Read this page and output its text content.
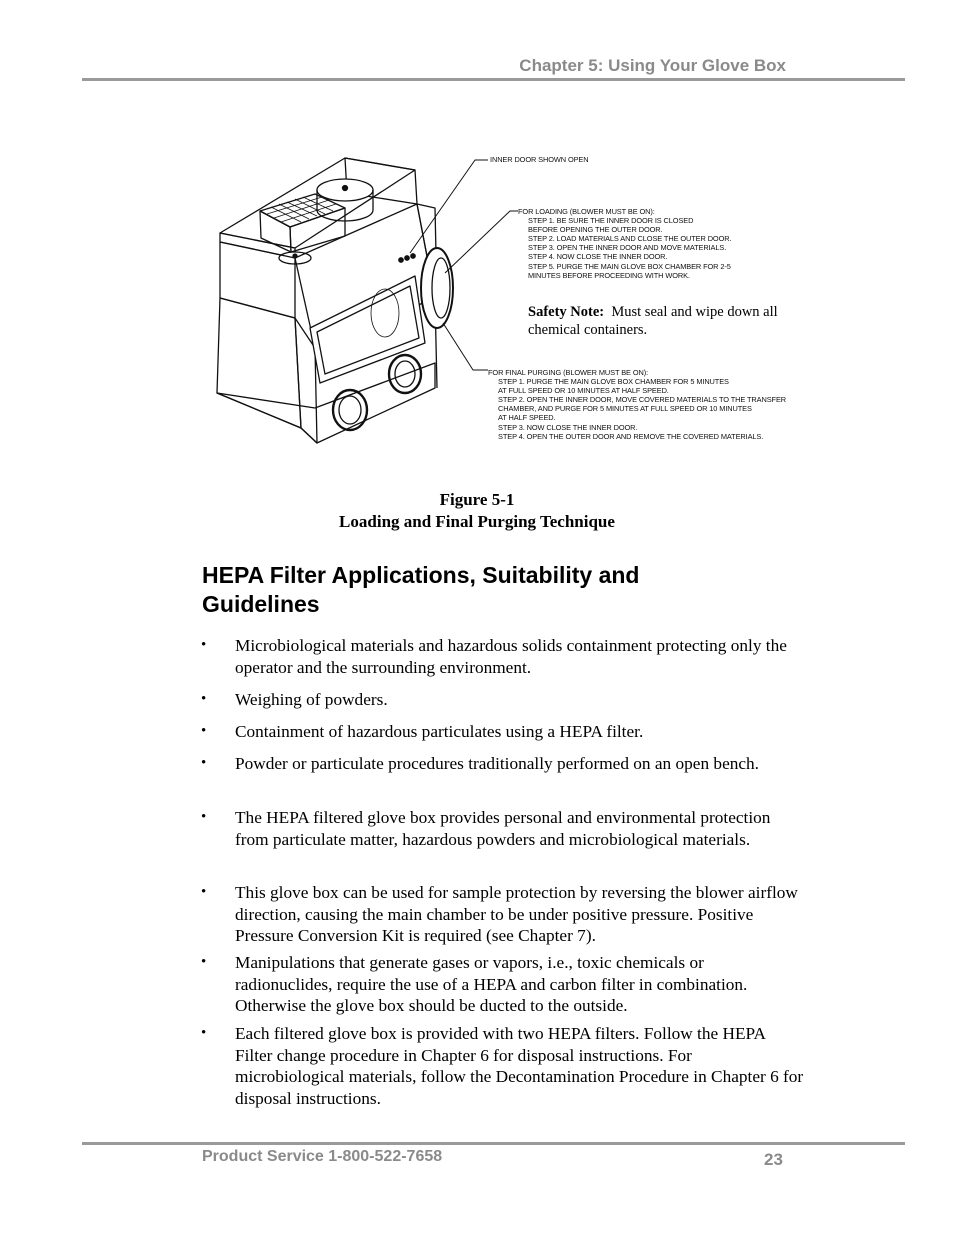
Chapter 5: Using Your Glove Box
INNER DOOR SHOWN OPEN
FOR LOADING (BLOWER MUST BE ON):
STEP 1. BE SURE THE INNER DOOR IS CLOSED
BEFORE OPENING THE OUTER DOOR.
STEP 2. LOAD MATERIALS AND CLOSE THE OUTER DOOR.
STEP 3. OPEN THE INNER DOOR AND MOVE MATERIALS.
STEP 4. NOW CLOSE THE INNER DOOR.
STEP 5. PURGE THE MAIN GLOVE BOX CHAMBER FOR 2-5
MINUTES BEFORE PROCEEDING WITH WORK.
Safety Note: Must seal and wipe down all chemical containers.
FOR FINAL PURGING (BLOWER MUST BE ON):
STEP 1. PURGE THE MAIN GLOVE BOX CHAMBER FOR 5 MINUTES
AT FULL SPEED OR 10 MINUTES AT HALF SPEED.
STEP 2. OPEN THE INNER DOOR, MOVE COVERED MATERIALS TO THE TRANSFER
CHAMBER, AND PURGE FOR 5 MINUTES AT FULL SPEED OR 10 MINUTES
AT HALF SPEED.
STEP 3. NOW CLOSE THE INNER DOOR.
STEP 4. OPEN THE OUTER DOOR AND REMOVE THE COVERED MATERIALS.
Figure 5-1
Loading and Final Purging Technique
HEPA Filter Applications, Suitability and Guidelines
• Microbiological materials and hazardous solids containment protecting only the operator and the surrounding environment.
• Weighing of powders.
• Containment of hazardous particulates using a HEPA filter.
• Powder or particulate procedures traditionally performed on an open bench.
• The HEPA filtered glove box provides personal and environmental protection from particulate matter, hazardous powders and microbiological materials.
• This glove box can be used for sample protection by reversing the blower airflow direction, causing the main chamber to be under positive pressure. Positive Pressure Conversion Kit is required (see Chapter 7).
• Manipulations that generate gases or vapors, i.e., toxic chemicals or radionuclides, require the use of a HEPA and carbon filter in combination. Otherwise the glove box should be ducted to the outside.
• Each filtered glove box is provided with two HEPA filters. Follow the HEPA Filter change procedure in Chapter 6 for disposal instructions. For microbiological materials, follow the Decontamination Procedure in Chapter 6 for disposal instructions.
Product Service 1-800-522-7658	23
